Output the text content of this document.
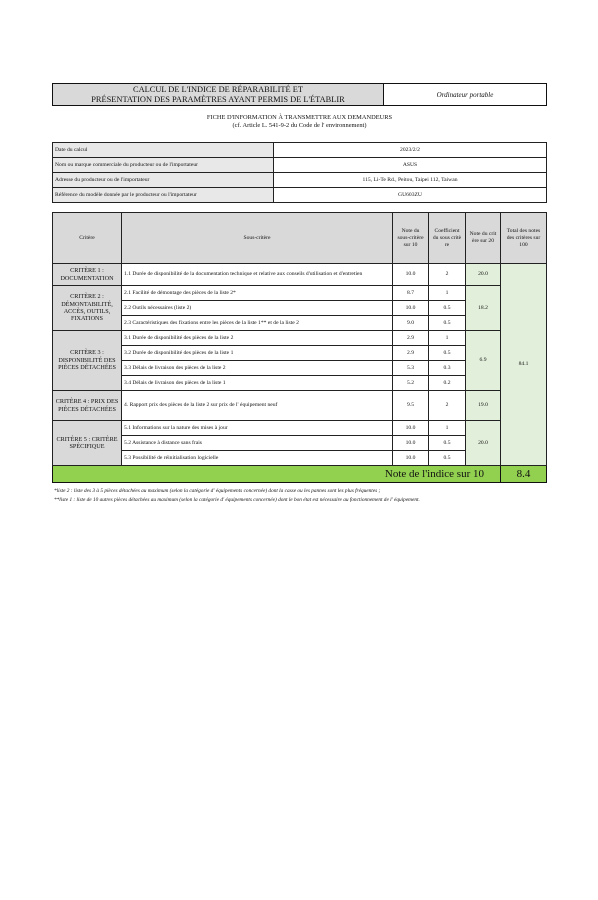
CALCUL DE L'INDICE DE RÉPARABILITÉ ET
PRÉSENTATION DES PARAMÈTRES AYANT PERMIS DE L'ÉTABLIR	Ordinateur portable
FICHE D'INFORMATION À TRANSMETTRE AUX DEMANDEURS
(cf. Article L. 541-9-2 du Code de l' environnement)
Date du calcul	2023/2/2
Nom ou marque commerciale du producteur ou de l'importateur	ASUS
Adresse du producteur ou de l'importateur	115, Li-Te Rd., Peitou, Taipei 112, Taiwan
Référence du modèle donnée par le producteur ou l'importateur	GU603ZU
Critère	Sous-critère	Note du sous-critère sur 10	Coefficient du sous critè re	Note du crit ère sur 20	Total des notes des critères sur 100
CRITÈRE 1 : DOCUMENTATION	1.1 Durée de disponibilité de la documentation technique et relative aux conseils d'utilisation et d'entretien	10.0	2	20.0	84.1
CRITÈRE 2 : DÉMONTABILITÉ, ACCÈS, OUTILS, FIXATIONS	2.1 Facilité de démontage des pièces de la liste 2*	8.7	1	18.2	
	2.2 Outils nécessaires (liste 2)	10.0	0.5		
	2.3 Caractéristiques des fixations entre les pièces de la liste 1** et de la liste 2	9.0	0.5		
CRITÈRE 3 : DISPONIBILITÉ DES PIÈCES DÉTACHÉES	3.1 Durée de disponibilité des pièces de la liste 2	2.9	1	6.9	
	3.2 Durée de disponibilité des pièces de la liste 1	2.9	0.5		
	3.3 Délais de livraison des pièces de la liste 2	5.3	0.3		
	3.4 Délais de livraison des pièces de la liste 1	5.2	0.2		
CRITÈRE 4 : PRIX DES PIÈCES DÉTACHÉES	4. Rapport prix des pièces de la liste 2 sur prix de l' équipement neuf	9.5	2	19.0	
CRITÈRE 5 : CRITÈRE SPÉCIFIQUE	5.1 Informations sur la nature des mises à jour	10.0	1	20.0	
	5.2 Assistance à distance sans frais	10.0	0.5		
	5.3 Possibilité de réinitialisation logicielle	10.0	0.5		
Note de l'indice sur 10					8.4
*liste 2 : liste des 3 à 5 pièces détachées au maximum (selon la catégorie d' équipements concernée) dont la casse ou les pannes sont les plus fréquentes ;
**liste 1 : liste de 10 autres pièces détachées au maximum (selon la catégorie d' équipements concernée) dont le bon état est nécessaire au fonctionnement de l' équipement.
